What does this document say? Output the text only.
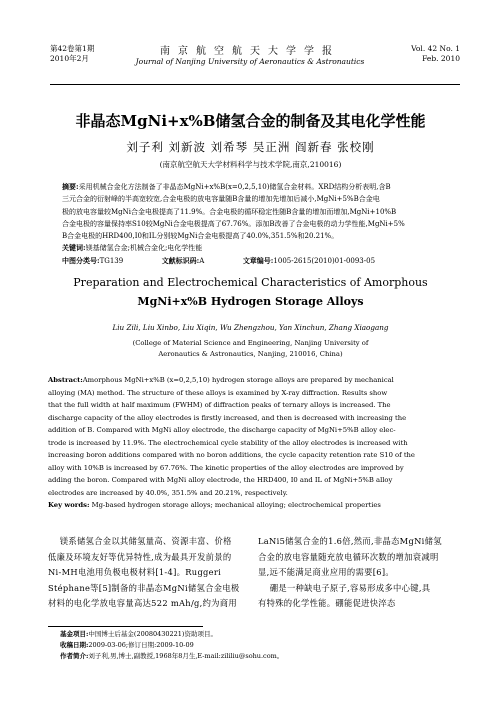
第42卷第1期
2010年2月
南京航空航天大学学报
Journal of Nanjing University of Aeronautics & Astronautics
Vol. 42 No. 1
Feb. 2010
非晶态MgNi+x%B储氢合金的制备及其电化学性能
刘子利 刘新波 刘希琴 吴正洲 阎新春 张校刚
(南京航空航天大学材料科学与技术学院,南京,210016)
摘要:采用机械合金化方法制备了非晶态MgNi+x%B(x=0,2,5,10)储氢合金材料。XRD结构分析表明,含B
三元合金的衍射峰的半高宽较宽,合金电极的放电容量随B含量的增加先增加后减小,MgNi+5%B合金电
极的放电容量较MgNi合金电极提高了11.9%。合金电极的循环稳定性随B含量的增加而增加,MgNi+10%B
合金电极的容量保持率S10较MgNi合金电极提高了67.76%。添加B改善了合金电极的动力学性能,MgNi+5%
B合金电极的HRD400,I0和IL分别较MgNi合金电极提高了40.0%,351.5%和20.21%。
关键词:镁基储氢合金;机械合金化;电化学性能
中图分类号:TG139	文献标识码:A	文章编号:1005-2615(2010)01-0093-05
Preparation and Electrochemical Characteristics of Amorphous
MgNi+x%B Hydrogen Storage Alloys
Liu Zili, Liu Xinbo, Liu Xiqin, Wu Zhengzhou, Yan Xinchun, Zhang Xiaogang
(College of Material Science and Engineering, Nanjing University of
Aeronautics & Astronautics, Nanjing, 210016, China)
Abstract:Amorphous MgNi+x%B (x=0,2,5,10) hydrogen storage alloys are prepared by mechanical
alloying (MA) method. The structure of these alloys is examined by X-ray diffraction. Results show
that the full width at half maximum (FWHM) of diffraction peaks of ternary alloys is increased. The
discharge capacity of the alloy electrodes is firstly increased, and then is decreased with increasing the
addition of B. Compared with MgNi alloy electrode, the discharge capacity of MgNi+5%B alloy elec-
trode is increased by 11.9%. The electrochemical cycle stability of the alloy electrodes is increased with
increasing boron additions compared with no boron additions, the cycle capacity retention rate S10 of the
alloy with 10%B is increased by 67.76%. The kinetic properties of the alloy electrodes are improved by
adding the boron. Compared with MgNi alloy electrode, the HRD400, I0 and IL of MgNi+5%B alloy
electrodes are increased by 40.0%, 351.5% and 20.21%, respectively.
Key words: Mg-based hydrogen storage alloys; mechanical alloying; electrochemical properties
镁系储氢合金以其储氢量高、资源丰富、价格
低廉及环境友好等优异特性,成为最具开发前景的
Ni-MH电池用负极电极材料[1-4]。Ruggeri
Stéphane等[5]制备的非晶态MgNi储氢合金电极
材料的电化学放电容量高达522 mAh/g,约为商用
LaNi5储氢合金的1.6倍,然而,非晶态MgNi储氢
合金的放电容量随充放电循环次数的增加衰减明
显,远不能满足商业应用的需要[6]。
硼是一种缺电子原子,容易形成多中心键,具
有特殊的化学性能。硼能促进快淬态
基金项目:中国博士后基金(20080430221)资助项目。
收稿日期:2009-03-06;修订日期:2009-10-09
作者简介:刘子利,男,博士,副教授,1968年8月生,E-mail:zililiu@sohu.com。
